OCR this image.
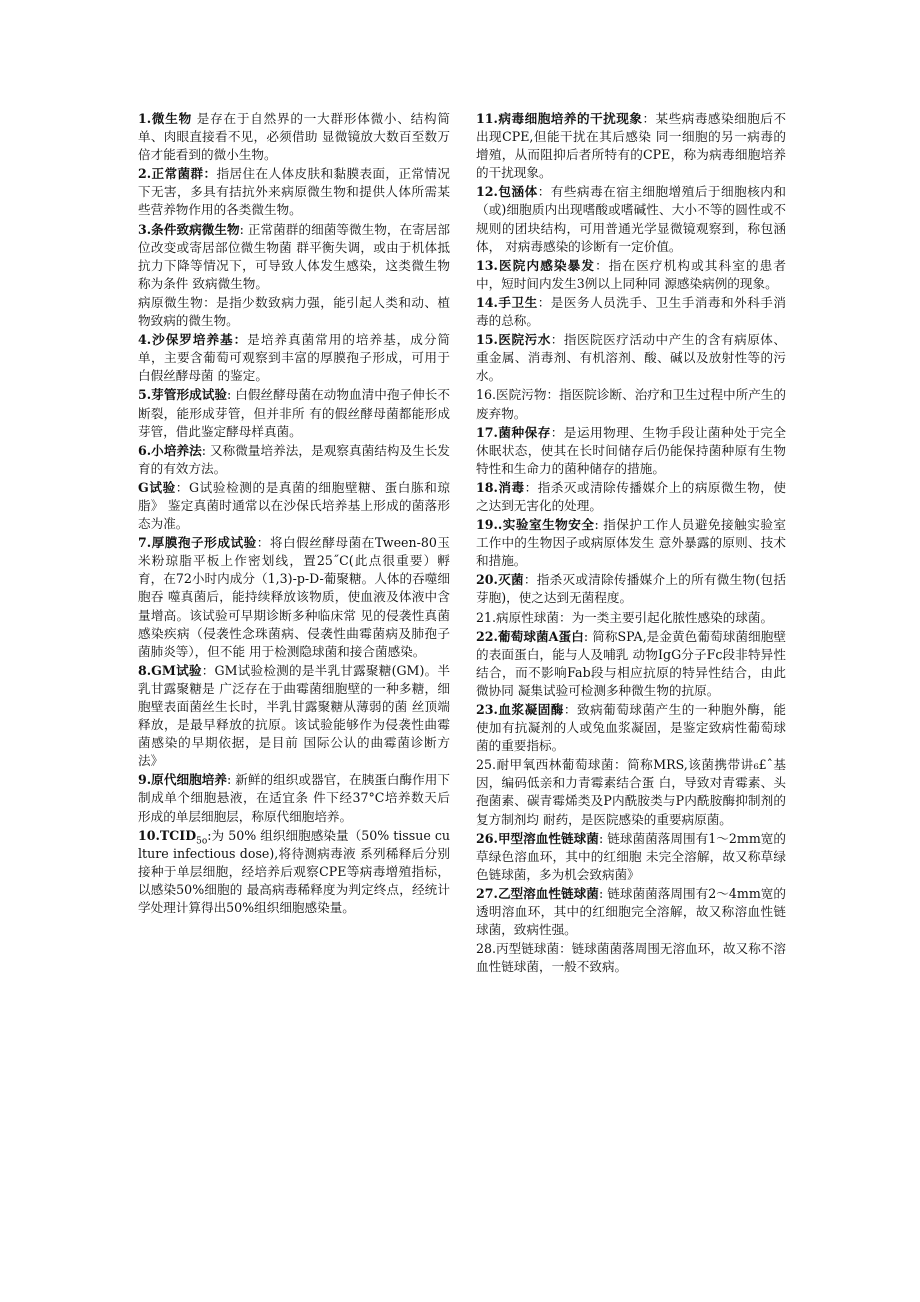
1.微生物 是存在于自然界的一大群形体微小、结构简单、肉眼直接看不见，必须借助 显微镜放大数百至数万倍才能看到的微小生物。

2.正常菌群：指居住在人体皮肤和黏膜表面，正常情况下无害，多具有拮抗外来病原微生物和提供人体所需某些营养物作用的各类微生物。

3.条件致病微生物: 正常菌群的细菌等微生物，在寄居部位改变或寄居部位微生物菌 群平衡失调，或由于机体抵抗力下降等情况下，可导致人体发生感染，这类微生物称为条件 致病微生物。

病原微生物：是指少数致病力强，能引起人类和动、植物致病的微生物。

4.沙保罗培养基：是培养真菌常用的培养基，成分简单，主要含葡萄可观察到丰富的厚膜孢子形成，可用于白假丝酵母菌 的鉴定。

5.芽管形成试验: 白假丝酵母菌在动物血清中孢子伸长不断裂，能形成芽管，但并非所 有的假丝酵母菌都能形成芽管，借此鉴定酵母样真菌。

6.小培养法: 又称微量培养法，是观察真菌结构及生长发育的有效方法。

G试验：G试验检测的是真菌的细胞壁糖、蛋白胨和琼脂》 鉴定真菌时通常以在沙保氏培养基上形成的菌落形态为准。

7.厚膜孢子形成试验：将白假丝酵母菌在Tween-80玉米粉琼脂平板上作密划线，置25˝C(此点很重要）孵育，在72小时内成分（1,3)-p-D-葡聚糖。人体的吞噬细胞吞 噬真菌后，能持续释放该物质，使血液及体液中含量增高。该试验可早期诊断多种临床常 见的侵袭性真菌感染疾病（侵袭性念珠菌病、侵袭性曲霉菌病及肺孢子菌肺炎等），但不能 用于检测隐球菌和接合菌感染。

8.GM试验：GM试验检测的是半乳甘露聚糖(GM)。半乳甘露聚糖是 广泛存在于曲霉菌细胞壁的一种多糖，细胞壁表面菌丝生长时，半乳甘露聚糖从薄弱的菌 丝顶端释放，是最早释放的抗原。该试验能够作为侵袭性曲霉菌感染的早期依据，是目前 国际公认的曲霉菌诊断方法》

9.原代细胞培养: 新鲜的组织或器官，在胰蛋白酶作用下制成单个细胞悬液，在适宜条 件下经37°C培养数天后形成的单层细胞层，称原代细胞培养。

$10.TCID_{5o}$:为 50% 组织细胞感染量（50% tissue culture infectious dose),将待测病毒液 系列稀释后分别接种于单层细胞，经培养后观察CPE等病毒增殖指标，以感染50%细胞的 最高病毒稀释度为判定终点，经统计学处理计算得出50%组织细胞感染量。

11.病毒细胞培养的干扰现象：某些病毒感染细胞后不出现CPE,但能干扰在其后感染 同一细胞的另一病毒的增殖，从而阻抑后者所特有的CPE，称为病毒细胞培养的干扰现象。

12.包涵体：有些病毒在宿主细胞增殖后于细胞核内和（或)细胞质内出现嗜酸或嗜碱性、大小不等的圆性或不规则的团块结构，可用普通光学显微镜观察到，称包涵体， 对病毒感染的诊断有一定价值。

13.医院内感染暴发：指在医疗机构或其科室的患者中，短时间内发生3例以上同种同 源感染病例的现象。

14.手卫生：是医务人员洗手、卫生手消毒和外科手消毒的总称。

15.医院污水：指医院医疗活动中产生的含有病原体、重金属、消毒剂、有机溶剂、酸、碱以及放射性等的污水。

16.医院污物：指医院诊断、治疗和卫生过程中所产生的废弃物。

17.菌种保存：是运用物理、生物手段让菌种处于完全休眠状态，使其在长时间储存后仍能保持菌种原有生物特性和生命力的菌种储存的措施。

18.消毒：指杀灭或清除传播媒介上的病原微生物，使之达到无害化的处理。

19..实验室生物安全: 指保护工作人员避免接触实验室工作中的生物因子或病原体发生 意外暴露的原则、技术和措施。

20.灭菌：指杀灭或清除传播媒介上的所有微生物(包括芽胞)，使之达到无菌程度。

21.病原性球菌：为一类主要引起化脓性感染的球菌。

22.葡萄球菌A蛋白: 简称SPA,是金黄色葡萄球菌细胞壁的表面蛋白，能与人及哺乳 动物IgG分子Fc段非特异性结合，而不影响Fab段与相应抗原的特异性结合，由此微协同 凝集试验可检测多种微生物的抗原。

23.血浆凝固酶：致病葡萄球菌产生的一种胞外酶，能使加有抗凝剂的人或兔血浆凝固，是鉴定致病性葡萄球菌的重要指标。

25.耐甲氧西林葡萄球菌：简称MRS,该菌携带讲₆£ˆ基因，编码低亲和力青霉素结合蛋 白，导致对青霉素、头孢菌素、碳青霉烯类及P内酰胺类与P内酰胺酶抑制剂的复方制剂均 耐药，是医院感染的重要病原菌。

26.甲型溶血性链球菌: 链球菌菌落周围有1～2mm宽的草绿色溶血环，其中的红细胞 未完全溶解，故又称草绿色链球菌，多为机会致病菌》

27.乙型溶血性链球菌: 链球菌菌落周围有2～4mm宽的透明溶血环，其中的红细胞完全溶解，故又称溶血性链球菌，致病性强。

28.丙型链球菌：链球菌菌落周围无溶血环，故又称不溶血性链球菌，一般不致病。
